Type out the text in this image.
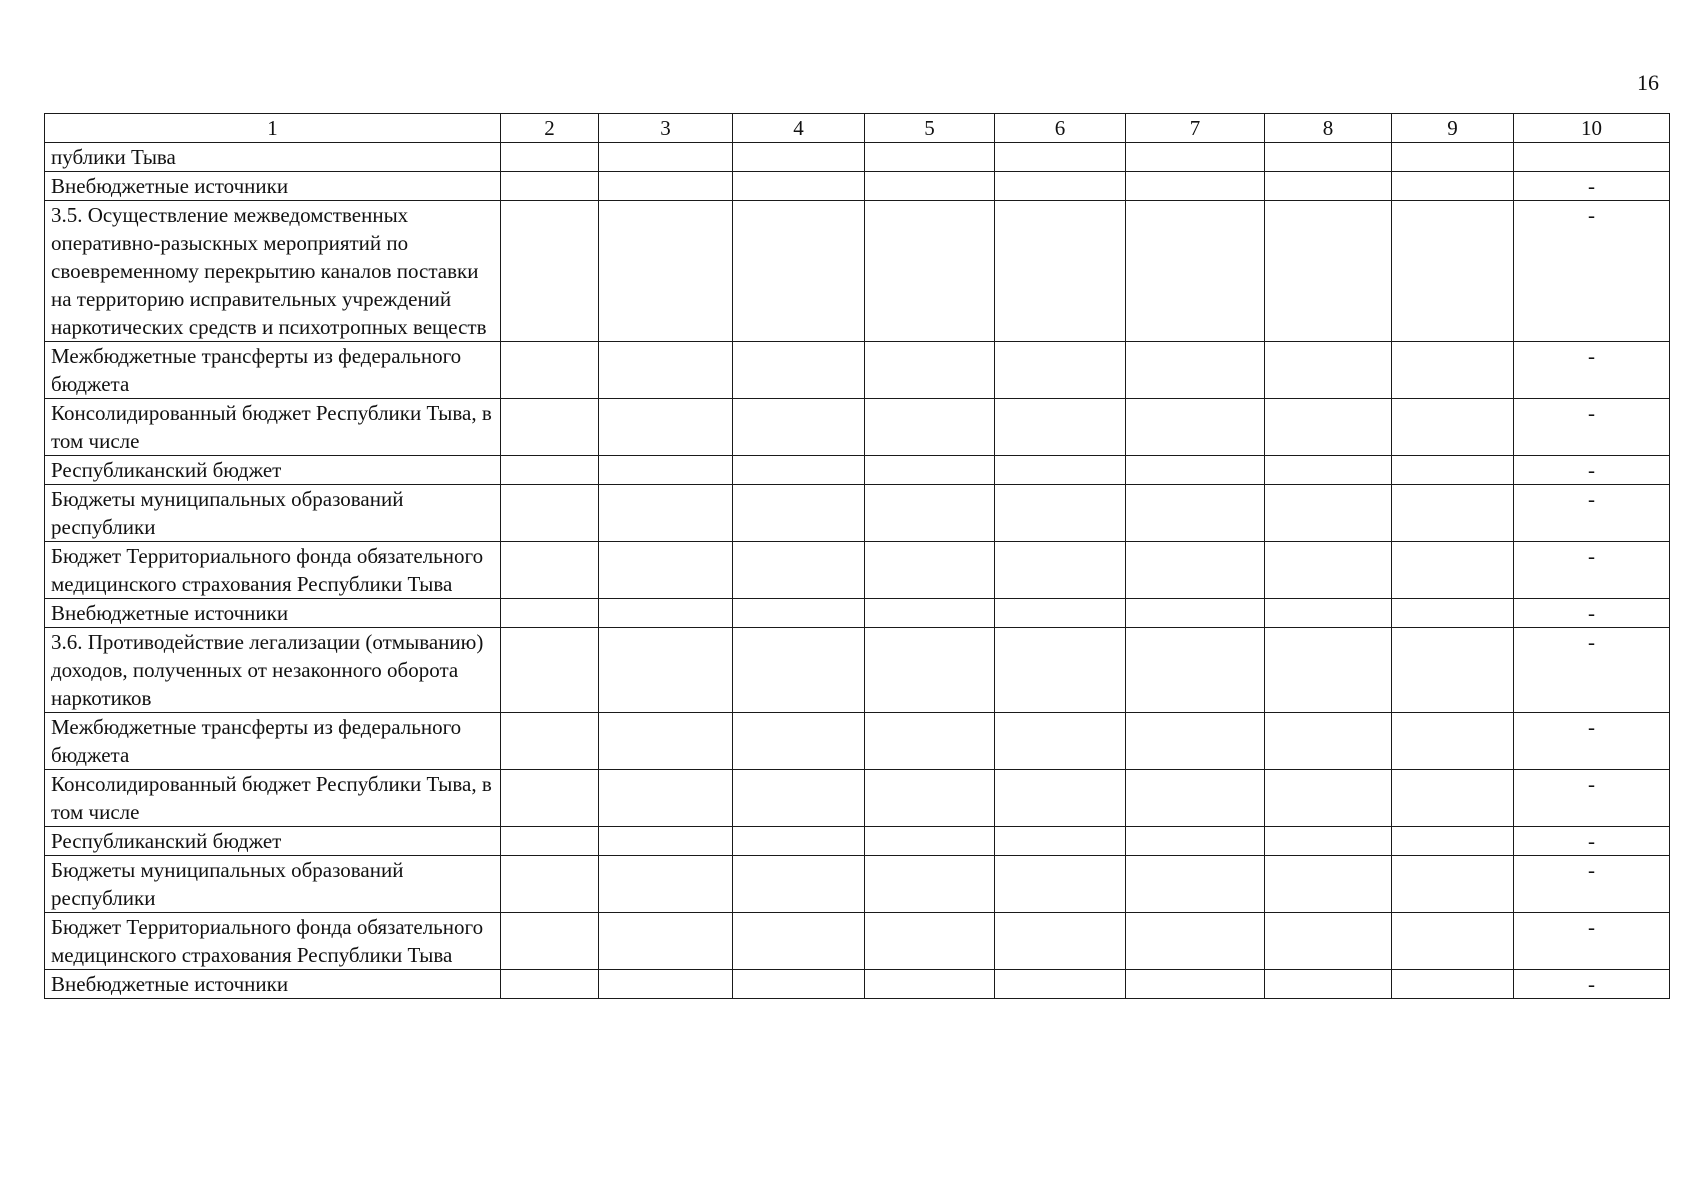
16
1	2	3	4	5	6	7	8	9	10
публики Тыва									
Внебюджетные источники									-
3.5. Осуществление межведомственных оперативно-разыскных мероприятий по своевременному перекрытию каналов поставки на территорию исправительных учреждений наркотических средств и психотропных веществ									-
Межбюджетные трансферты из федерального бюджета									-
Консолидированный бюджет Республики Тыва, в том числе									-
Республиканский бюджет									-
Бюджеты муниципальных образований республики									-
Бюджет Территориального фонда обязательного медицинского страхования Республики Тыва									-
Внебюджетные источники									-
3.6. Противодействие легализации (отмыванию) доходов, полученных от незаконного оборота наркотиков									-
Межбюджетные трансферты из федерального бюджета									-
Консолидированный бюджет Республики Тыва, в том числе									-
Республиканский бюджет									-
Бюджеты муниципальных образований республики									-
Бюджет Территориального фонда обязательного медицинского страхования Республики Тыва									-
Внебюджетные источники									-
